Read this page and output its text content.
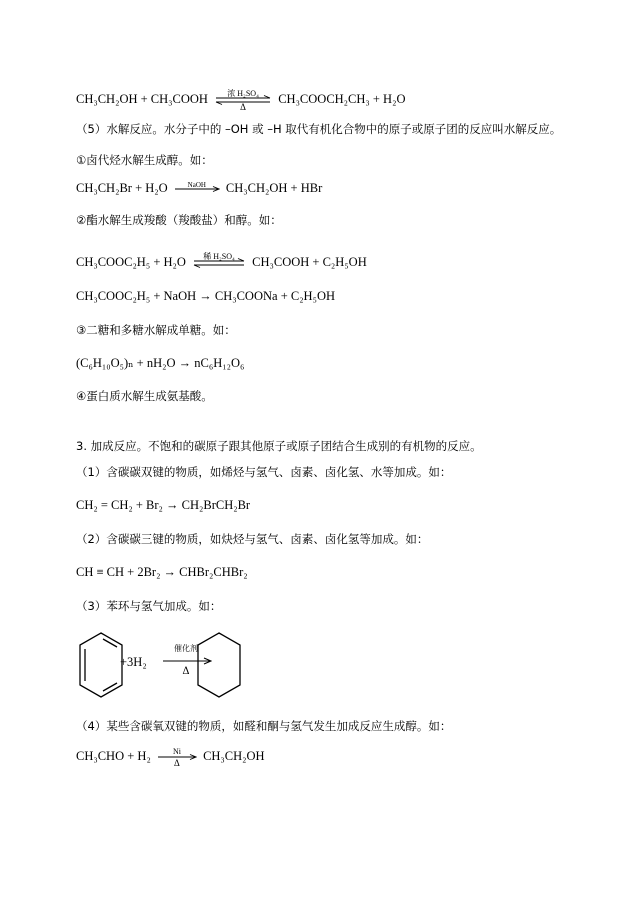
CH₃CH₂OH + CH₃COOH	浓 H₂SO₄
Δ
CH₃COOCH₂CH₃ + H₂O
（5）水解反应。水分子中的 –OH 或 –H 取代有机化合物中的原子或原子团的反应叫水解反应。
①卤代烃水解生成醇。如：
CH₃CH₂Br + H₂O	NaOH	CH₃CH₂OH + HBr
②酯水解生成羧酸（羧酸盐）和醇。如：
CH₃COOC₂H₅ + H₂O	稀 H₂SO₄	CH₃COOH + C₂H₅OH
CH₃COOC₂H₅ + NaOH → CH₃COONa + C₂H₅OH
③二糖和多糖水解成单糖。如：
(C₆H₁₀O₅)ₙ + nH₂O → nC₆H₁₂O₆
④蛋白质水解生成氨基酸。
3. 加成反应。不饱和的碳原子跟其他原子或原子团结合生成别的有机物的反应。
（1）含碳碳双键的物质，如烯烃与氢气、卤素、卤化氢、水等加成。如：
CH₂ = CH₂ + Br₂ → CH₂BrCH₂Br
（2）含碳碳三键的物质，如炔烃与氢气、卤素、卤化氢等加成。如：
CH ≡ CH + 2Br₂ → CHBr₂CHBr₂
（3）苯环与氢气加成。如：
+3H₂
催化剂
Δ
（4）某些含碳氧双键的物质，如醛和酮与氢气发生加成反应生成醇。如：
CH₃CHO + H₂	Ni
Δ
CH₃CH₂OH
